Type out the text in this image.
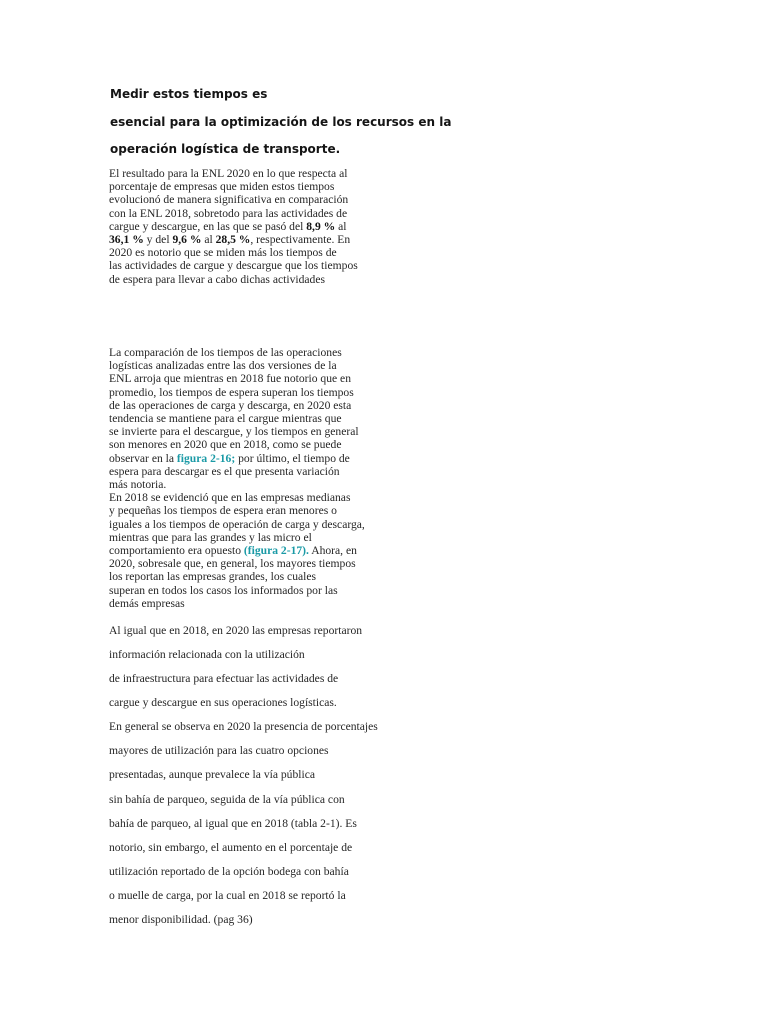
Medir estos tiempos es
esencial para la optimización de los recursos en la
operación logística de transporte.
El resultado para la ENL 2020 en lo que respecta al
porcentaje de empresas que miden estos tiempos
evolucionó de manera significativa en comparación
con la ENL 2018, sobretodo para las actividades de
cargue y descargue, en las que se pasó del 8,9 % al
36,1 % y del 9,6 % al 28,5 %, respectivamente. En
2020 es notorio que se miden más los tiempos de
las actividades de cargue y descargue que los tiempos
de espera para llevar a cabo dichas actividades
La comparación de los tiempos de las operaciones
logísticas analizadas entre las dos versiones de la
ENL arroja que mientras en 2018 fue notorio que en
promedio, los tiempos de espera superan los tiempos
de las operaciones de carga y descarga, en 2020 esta
tendencia se mantiene para el cargue mientras que
se invierte para el descargue, y los tiempos en general
son menores en 2020 que en 2018, como se puede
observar en la figura 2-16; por último, el tiempo de
espera para descargar es el que presenta variación
más notoria.
En 2018 se evidenció que en las empresas medianas
y pequeñas los tiempos de espera eran menores o
iguales a los tiempos de operación de carga y descarga,
mientras que para las grandes y las micro el
comportamiento era opuesto (figura 2-17). Ahora, en
2020, sobresale que, en general, los mayores tiempos
los reportan las empresas grandes, los cuales
superan en todos los casos los informados por las
demás empresas
Al igual que en 2018, en 2020 las empresas reportaron
información relacionada con la utilización
de infraestructura para efectuar las actividades de
cargue y descargue en sus operaciones logísticas.
En general se observa en 2020 la presencia de porcentajes
mayores de utilización para las cuatro opciones
presentadas, aunque prevalece la vía pública
sin bahía de parqueo, seguida de la vía pública con
bahía de parqueo, al igual que en 2018 (tabla 2-1). Es
notorio, sin embargo, el aumento en el porcentaje de
utilización reportado de la opción bodega con bahía
o muelle de carga, por la cual en 2018 se reportó la
menor disponibilidad. (pag 36)
